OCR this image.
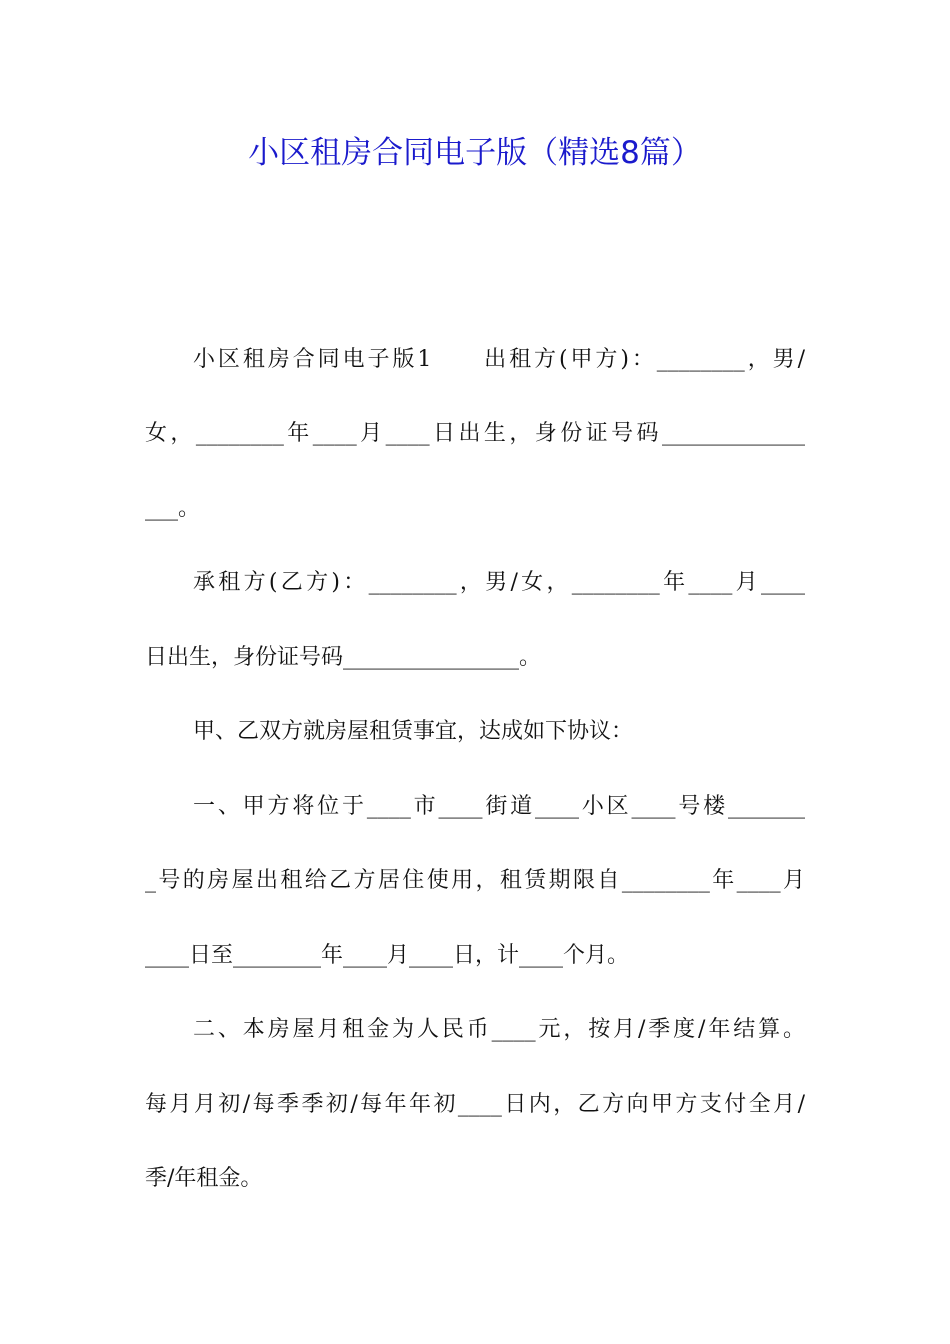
小区租房合同电子版（精选8篇）
小区租房合同电子版1　　出租方(甲方)：________，男/
女，________年____月____日出生，身份证号码_____________
___。
承租方(乙方)：________，男/女，________年____月____
日出生，身份证号码________________。
甲、乙双方就房屋租赁事宜，达成如下协议：
一、甲方将位于____市____街道____小区____号楼_______
_号的房屋出租给乙方居住使用，租赁期限自________年____月
____日至________年____月____日，计____个月。
二、本房屋月租金为人民币____元，按月/季度/年结算。
每月月初/每季季初/每年年初____日内，乙方向甲方支付全月/
季/年租金。
